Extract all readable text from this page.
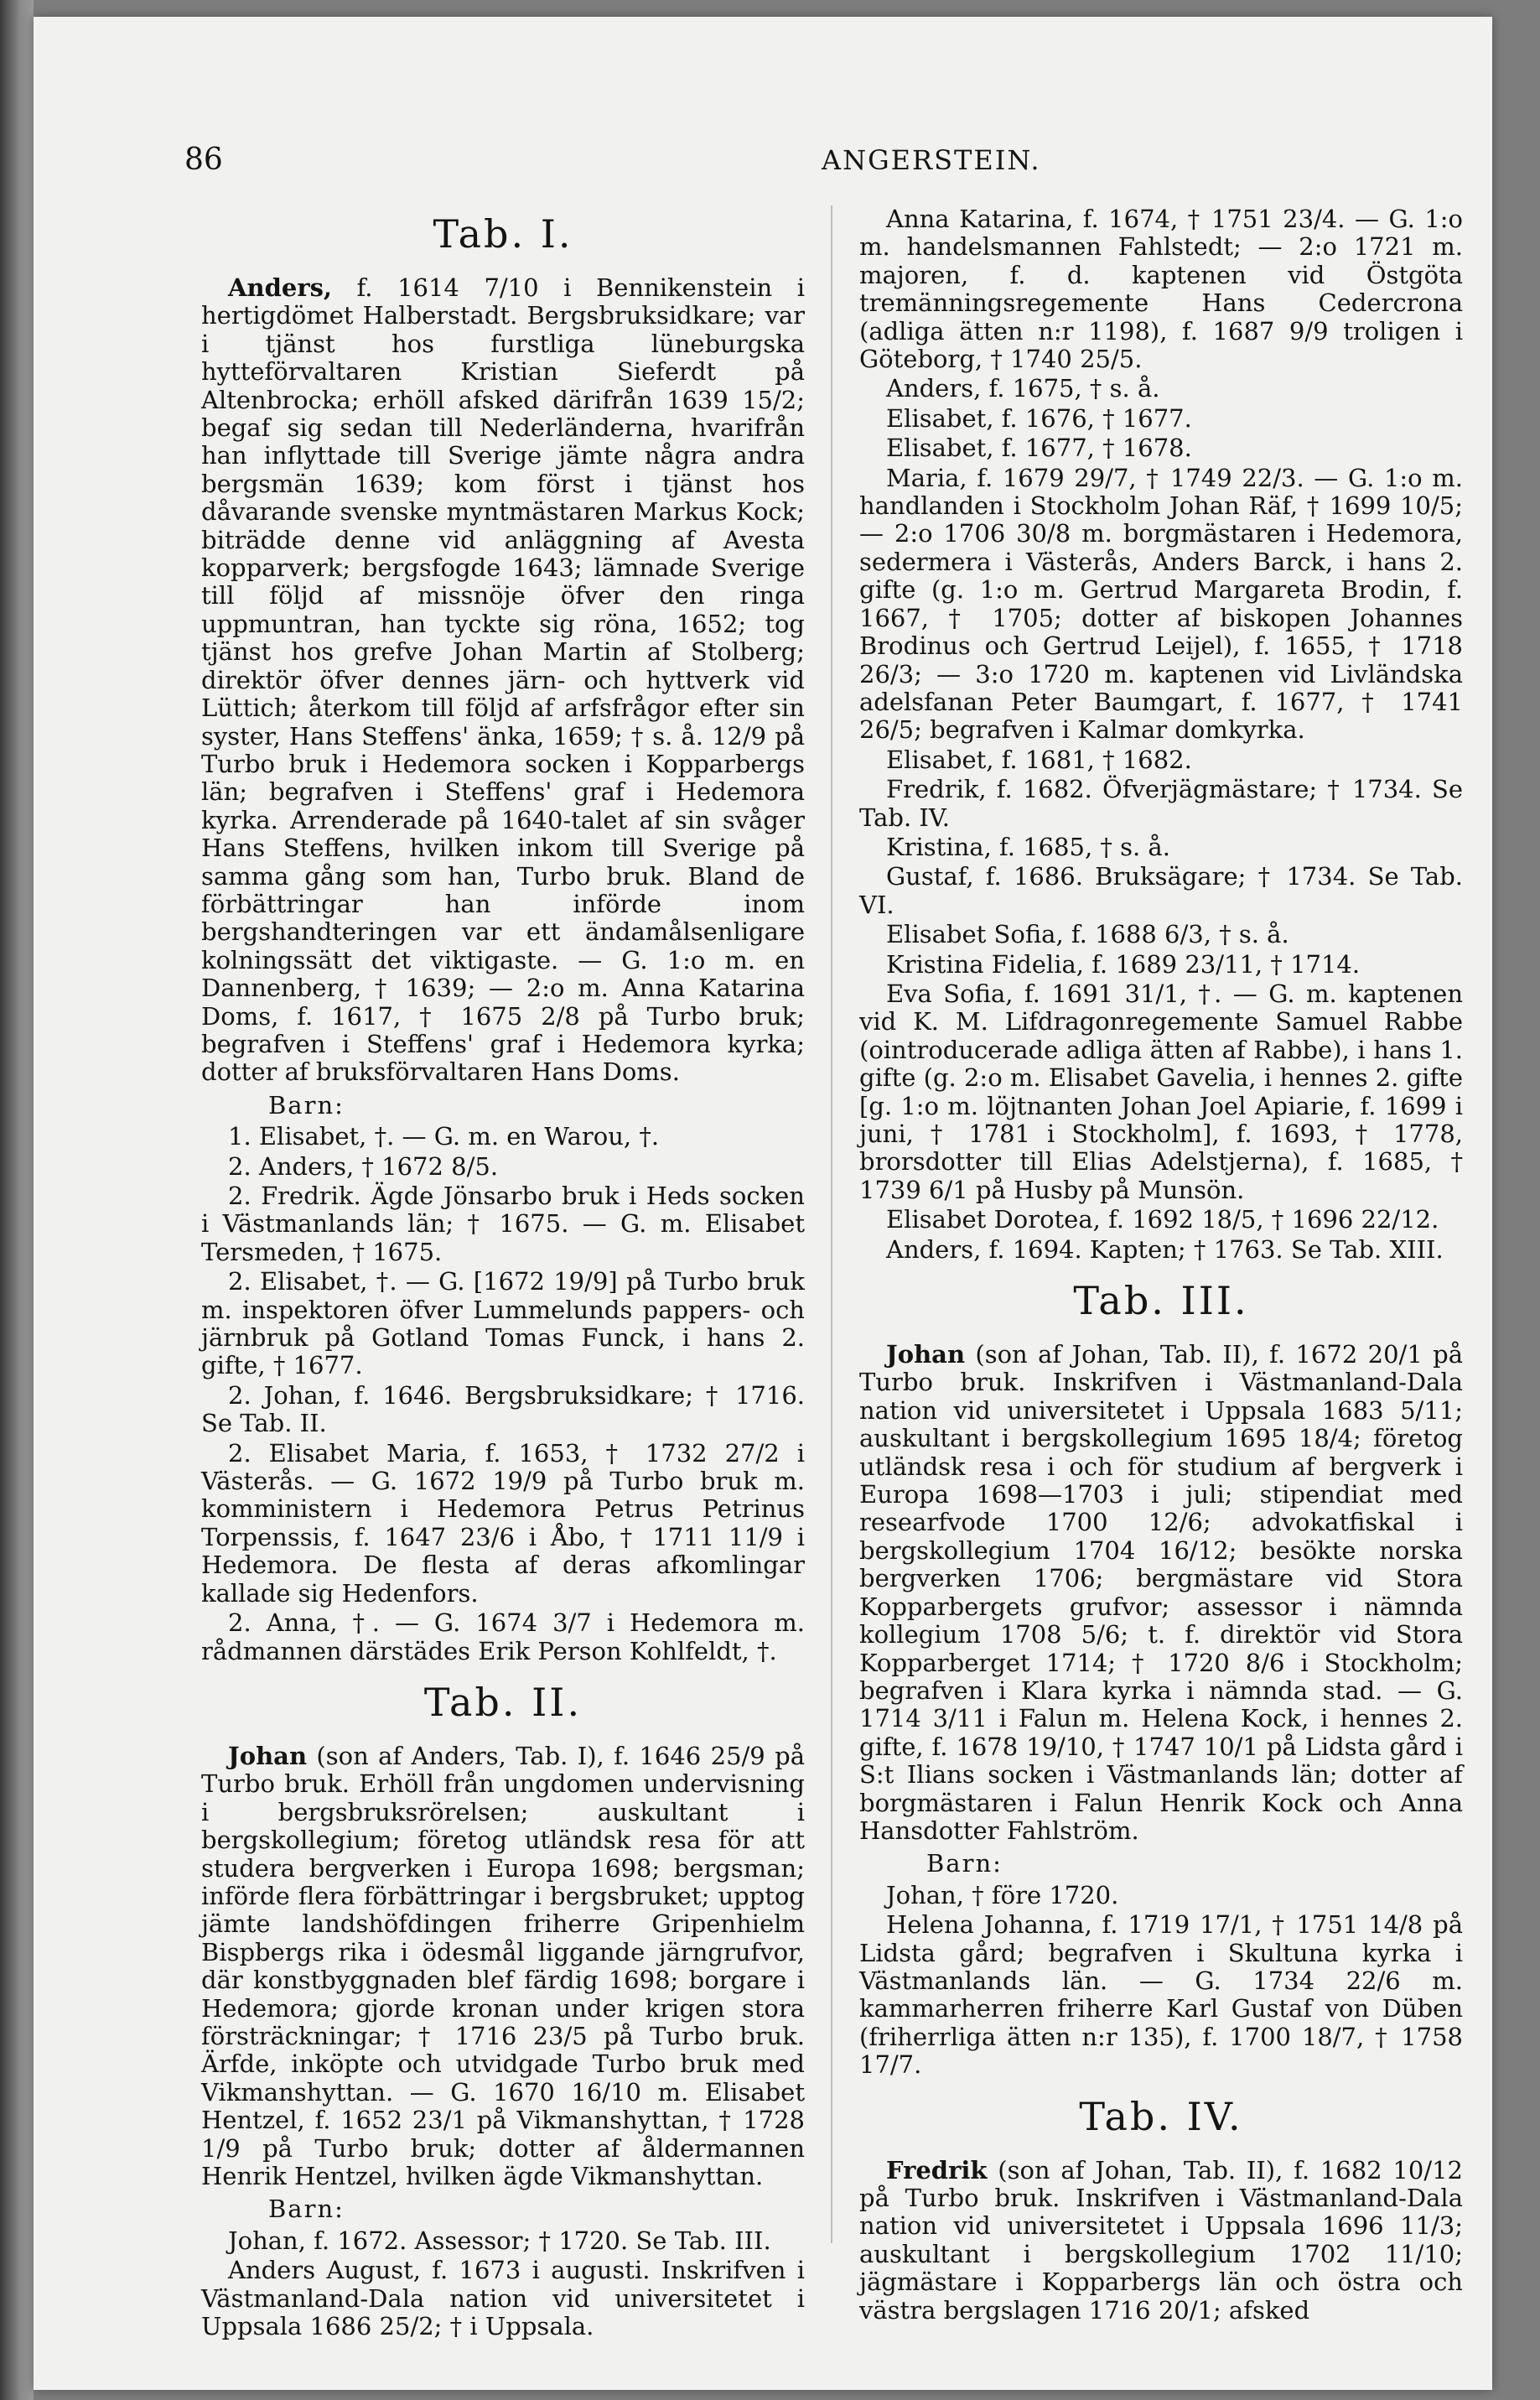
86	ANGERSTEIN.
Tab. I.

Anders, f. 1614 7/10 i Bennikenstein i hertigdömet Halberstadt. Bergsbruksidkare; var i tjänst hos furstliga lüneburgska hytteförvaltaren Kristian Sieferdt på Altenbrocka; erhöll afsked därifrån 1639 15/2; begaf sig sedan till Nederländerna, hvarifrån han inflyttade till Sverige jämte några andra bergsmän 1639; kom först i tjänst hos dåvarande svenske myntmästaren Markus Kock; biträdde denne vid anläggning af Avesta kopparverk; bergsfogde 1643; lämnade Sverige till följd af missnöje öfver den ringa uppmuntran, han tyckte sig röna, 1652; tog tjänst hos grefve Johan Martin af Stolberg; direktör öfver dennes järn- och hyttverk vid Lüttich; återkom till följd af arfsfrågor efter sin syster, Hans Steffens' änka, 1659; † s. å. 12/9 på Turbo bruk i Hedemora socken i Kopparbergs län; begrafven i Steffens' graf i Hedemora kyrka. Arrenderade på 1640-talet af sin svåger Hans Steffens, hvilken inkom till Sverige på samma gång som han, Turbo bruk. Bland de förbättringar han införde inom bergshandteringen var ett ändamålsenligare kolningssätt det viktigaste. — G. 1:o m. en Dannenberg, † 1639; — 2:o m. Anna Katarina Doms, f. 1617, † 1675 2/8 på Turbo bruk; begrafven i Steffens' graf i Hedemora kyrka; dotter af bruksförvaltaren Hans Doms.

Barn:

1. Elisabet, †. — G. m. en Warou, †.

2. Anders, † 1672 8/5.

2. Fredrik. Ägde Jönsarbo bruk i Heds socken i Västmanlands län; † 1675. — G. m. Elisabet Tersmeden, † 1675.

2. Elisabet, †. — G. [1672 19/9] på Turbo bruk m. inspektoren öfver Lummelunds pappers- och järnbruk på Gotland Tomas Funck, i hans 2. gifte, † 1677.

2. Johan, f. 1646. Bergsbruksidkare; † 1716. Se Tab. II.

2. Elisabet Maria, f. 1653, † 1732 27/2 i Västerås. — G. 1672 19/9 på Turbo bruk m. komministern i Hedemora Petrus Petrinus Torpenssis, f. 1647 23/6 i Åbo, † 1711 11/9 i Hedemora. De flesta af deras afkomlingar kallade sig Hedenfors.

2. Anna, †. — G. 1674 3/7 i Hedemora m. rådmannen därstädes Erik Person Kohlfeldt, †.

Tab. II.

Johan (son af Anders, Tab. I), f. 1646 25/9 på Turbo bruk. Erhöll från ungdomen undervisning i bergsbruksrörelsen; auskultant i bergskollegium; företog utländsk resa för att studera bergverken i Europa 1698; bergsman; införde flera förbättringar i bergsbruket; upptog jämte landshöfdingen friherre Gripenhielm Bispbergs rika i ödesmål liggande järngrufvor, där konstbyggnaden blef färdig 1698; borgare i Hedemora; gjorde kronan under krigen stora försträckningar; † 1716 23/5 på Turbo bruk. Ärfde, inköpte och utvidgade Turbo bruk med Vikmanshyttan. — G. 1670 16/10 m. Elisabet Hentzel, f. 1652 23/1 på Vikmanshyttan, † 1728 1/9 på Turbo bruk; dotter af åldermannen Henrik Hentzel, hvilken ägde Vikmanshyttan.

Barn:

Johan, f. 1672. Assessor; † 1720. Se Tab. III.

Anders August, f. 1673 i augusti. Inskrifven i Västmanland-Dala nation vid universitetet i Uppsala 1686 25/2; † i Uppsala.

Anna Katarina, f. 1674, † 1751 23/4. — G. 1:o m. handelsmannen Fahlstedt; — 2:o 1721 m. majoren, f. d. kaptenen vid Östgöta tremänningsregemente Hans Cedercrona (adliga ätten n:r 1198), f. 1687 9/9 troligen i Göteborg, † 1740 25/5.

Anders, f. 1675, † s. å.

Elisabet, f. 1676, † 1677.

Elisabet, f. 1677, † 1678.

Maria, f. 1679 29/7, † 1749 22/3. — G. 1:o m. handlanden i Stockholm Johan Räf, † 1699 10/5; — 2:o 1706 30/8 m. borgmästaren i Hedemora, sedermera i Västerås, Anders Barck, i hans 2. gifte (g. 1:o m. Gertrud Margareta Brodin, f. 1667, † 1705; dotter af biskopen Johannes Brodinus och Gertrud Leijel), f. 1655, † 1718 26/3; — 3:o 1720 m. kaptenen vid Livländska adelsfanan Peter Baumgart, f. 1677, † 1741 26/5; begrafven i Kalmar domkyrka.

Elisabet, f. 1681, † 1682.

Fredrik, f. 1682. Öfverjägmästare; † 1734. Se Tab. IV.

Kristina, f. 1685, † s. å.

Gustaf, f. 1686. Bruksägare; † 1734. Se Tab. VI.

Elisabet Sofia, f. 1688 6/3, † s. å.

Kristina Fidelia, f. 1689 23/11, † 1714.

Eva Sofia, f. 1691 31/1, †. — G. m. kaptenen vid K. M. Lifdragonregemente Samuel Rabbe (ointroducerade adliga ätten af Rabbe), i hans 1. gifte (g. 2:o m. Elisabet Gavelia, i hennes 2. gifte [g. 1:o m. löjtnanten Johan Joel Apiarie, f. 1699 i juni, † 1781 i Stockholm], f. 1693, † 1778, brorsdotter till Elias Adelstjerna), f. 1685, † 1739 6/1 på Husby på Munsön.

Elisabet Dorotea, f. 1692 18/5, † 1696 22/12.

Anders, f. 1694. Kapten; † 1763. Se Tab. XIII.

Tab. III.

Johan (son af Johan, Tab. II), f. 1672 20/1 på Turbo bruk. Inskrifven i Västmanland-Dala nation vid universitetet i Uppsala 1683 5/11; auskultant i bergskollegium 1695 18/4; företog utländsk resa i och för studium af bergverk i Europa 1698—1703 i juli; stipendiat med researfvode 1700 12/6; advokatfiskal i bergskollegium 1704 16/12; besökte norska bergverken 1706; bergmästare vid Stora Kopparbergets grufvor; assessor i nämnda kollegium 1708 5/6; t. f. direktör vid Stora Kopparberget 1714; † 1720 8/6 i Stockholm; begrafven i Klara kyrka i nämnda stad. — G. 1714 3/11 i Falun m. Helena Kock, i hennes 2. gifte, f. 1678 19/10, † 1747 10/1 på Lidsta gård i S:t Ilians socken i Västmanlands län; dotter af borgmästaren i Falun Henrik Kock och Anna Hansdotter Fahlström.

Barn:

Johan, † före 1720.

Helena Johanna, f. 1719 17/1, † 1751 14/8 på Lidsta gård; begrafven i Skultuna kyrka i Västmanlands län. — G. 1734 22/6 m. kammarherren friherre Karl Gustaf von Düben (friherrliga ätten n:r 135), f. 1700 18/7, † 1758 17/7.

Tab. IV.

Fredrik (son af Johan, Tab. II), f. 1682 10/12 på Turbo bruk. Inskrifven i Västmanland-Dala nation vid universitetet i Uppsala 1696 11/3; auskultant i bergskollegium 1702 11/10; jägmästare i Kopparbergs län och östra och västra bergslagen 1716 20/1; afsked
